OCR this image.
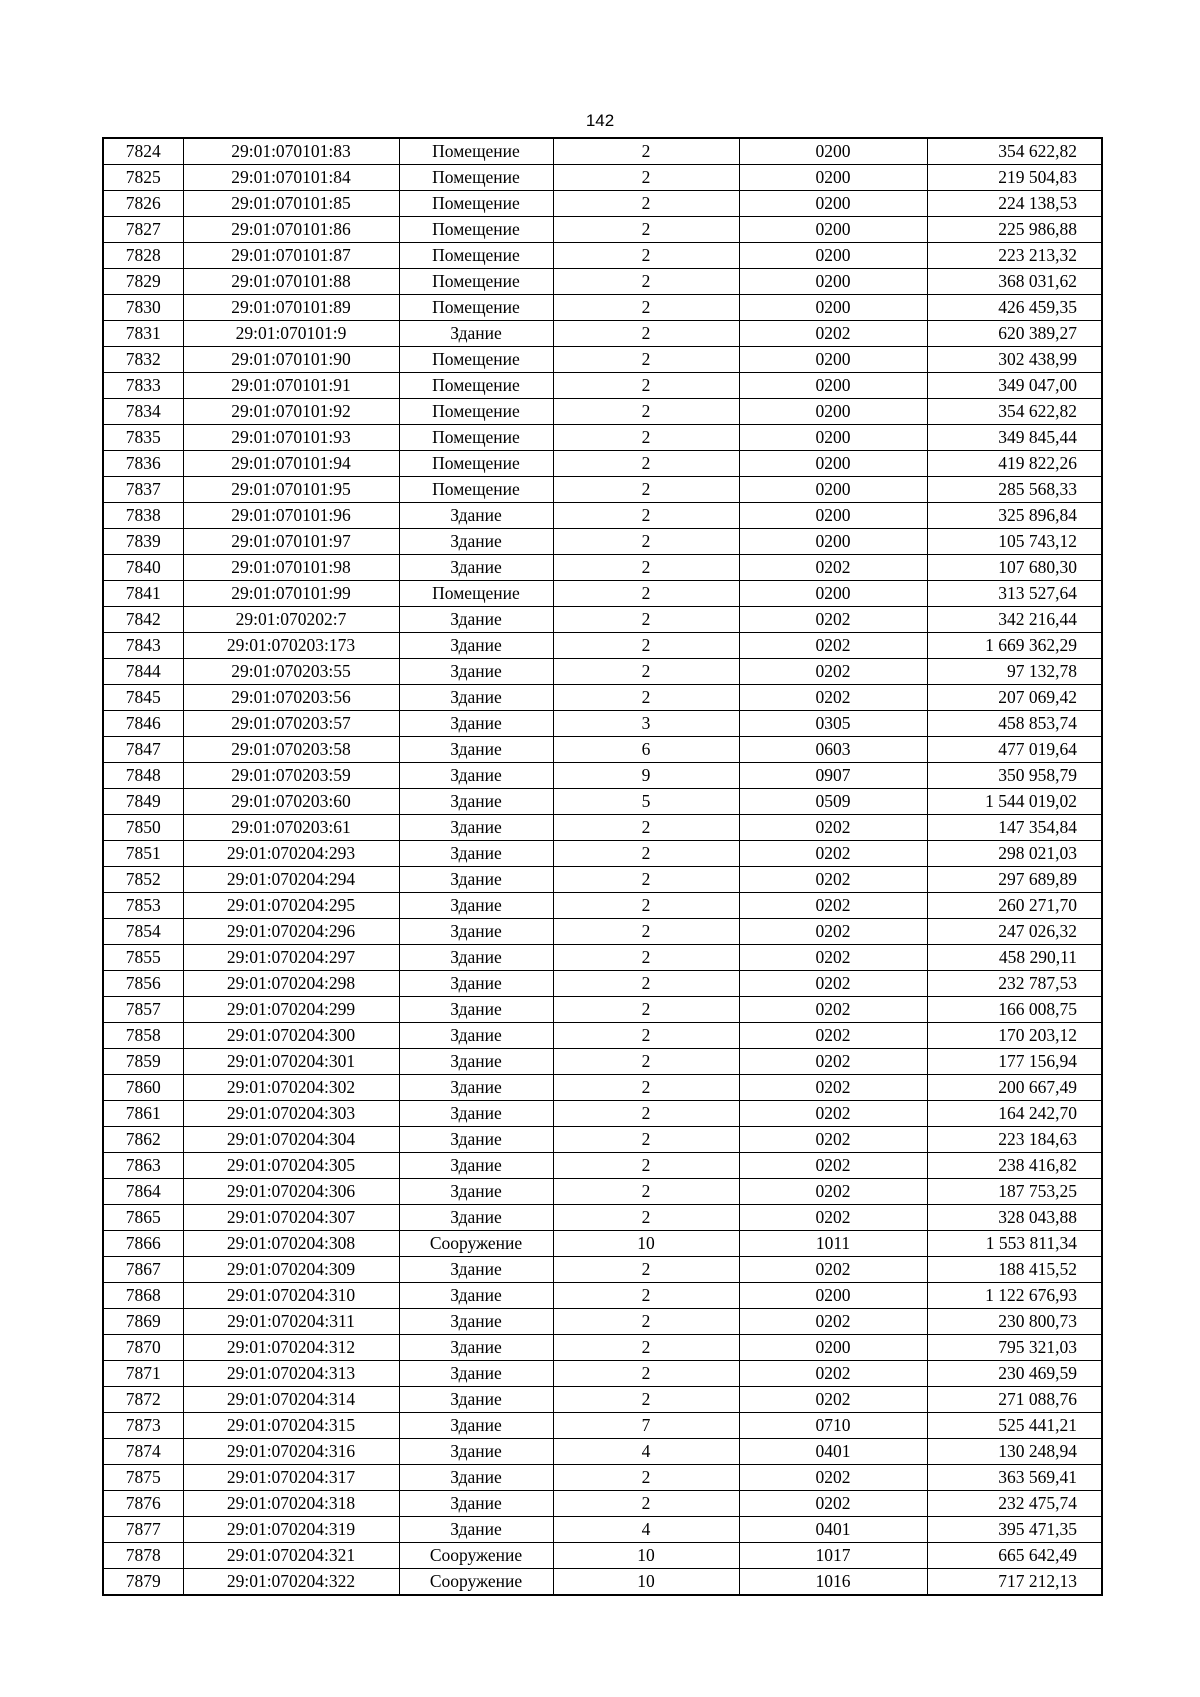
142
7824	29:01:070101:83	Помещение	2	0200	354 622,82
7825	29:01:070101:84	Помещение	2	0200	219 504,83
7826	29:01:070101:85	Помещение	2	0200	224 138,53
7827	29:01:070101:86	Помещение	2	0200	225 986,88
7828	29:01:070101:87	Помещение	2	0200	223 213,32
7829	29:01:070101:88	Помещение	2	0200	368 031,62
7830	29:01:070101:89	Помещение	2	0200	426 459,35
7831	29:01:070101:9	Здание	2	0202	620 389,27
7832	29:01:070101:90	Помещение	2	0200	302 438,99
7833	29:01:070101:91	Помещение	2	0200	349 047,00
7834	29:01:070101:92	Помещение	2	0200	354 622,82
7835	29:01:070101:93	Помещение	2	0200	349 845,44
7836	29:01:070101:94	Помещение	2	0200	419 822,26
7837	29:01:070101:95	Помещение	2	0200	285 568,33
7838	29:01:070101:96	Здание	2	0200	325 896,84
7839	29:01:070101:97	Здание	2	0200	105 743,12
7840	29:01:070101:98	Здание	2	0202	107 680,30
7841	29:01:070101:99	Помещение	2	0200	313 527,64
7842	29:01:070202:7	Здание	2	0202	342 216,44
7843	29:01:070203:173	Здание	2	0202	1 669 362,29
7844	29:01:070203:55	Здание	2	0202	97 132,78
7845	29:01:070203:56	Здание	2	0202	207 069,42
7846	29:01:070203:57	Здание	3	0305	458 853,74
7847	29:01:070203:58	Здание	6	0603	477 019,64
7848	29:01:070203:59	Здание	9	0907	350 958,79
7849	29:01:070203:60	Здание	5	0509	1 544 019,02
7850	29:01:070203:61	Здание	2	0202	147 354,84
7851	29:01:070204:293	Здание	2	0202	298 021,03
7852	29:01:070204:294	Здание	2	0202	297 689,89
7853	29:01:070204:295	Здание	2	0202	260 271,70
7854	29:01:070204:296	Здание	2	0202	247 026,32
7855	29:01:070204:297	Здание	2	0202	458 290,11
7856	29:01:070204:298	Здание	2	0202	232 787,53
7857	29:01:070204:299	Здание	2	0202	166 008,75
7858	29:01:070204:300	Здание	2	0202	170 203,12
7859	29:01:070204:301	Здание	2	0202	177 156,94
7860	29:01:070204:302	Здание	2	0202	200 667,49
7861	29:01:070204:303	Здание	2	0202	164 242,70
7862	29:01:070204:304	Здание	2	0202	223 184,63
7863	29:01:070204:305	Здание	2	0202	238 416,82
7864	29:01:070204:306	Здание	2	0202	187 753,25
7865	29:01:070204:307	Здание	2	0202	328 043,88
7866	29:01:070204:308	Сооружение	10	1011	1 553 811,34
7867	29:01:070204:309	Здание	2	0202	188 415,52
7868	29:01:070204:310	Здание	2	0200	1 122 676,93
7869	29:01:070204:311	Здание	2	0202	230 800,73
7870	29:01:070204:312	Здание	2	0200	795 321,03
7871	29:01:070204:313	Здание	2	0202	230 469,59
7872	29:01:070204:314	Здание	2	0202	271 088,76
7873	29:01:070204:315	Здание	7	0710	525 441,21
7874	29:01:070204:316	Здание	4	0401	130 248,94
7875	29:01:070204:317	Здание	2	0202	363 569,41
7876	29:01:070204:318	Здание	2	0202	232 475,74
7877	29:01:070204:319	Здание	4	0401	395 471,35
7878	29:01:070204:321	Сооружение	10	1017	665 642,49
7879	29:01:070204:322	Сооружение	10	1016	717 212,13
